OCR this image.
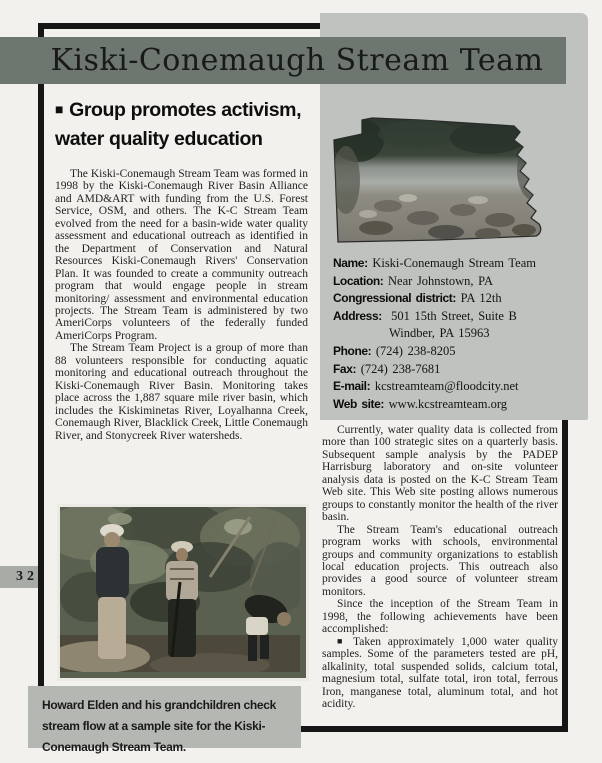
32
Kiski-Conemaugh Stream Team
Name: Kiski-Conemaugh Stream Team
Location: Near Johnstown, PA
Congressional district: PA 12th
Address: 501 15th Street, Suite B
Windber, PA 15963
Phone: (724) 238-8205
Fax: (724) 238-7681
E-mail: kcstreamteam@floodcity.net
Web site: www.kcstreamteam.org
■ Group promotes activism,
water quality education

The Kiski-Conemaugh Stream Team was formed in 1998 by the Kiski-Conemaugh River Basin Alliance and AMD&ART with funding from the U.S. Forest Service, OSM, and others. The K-C Stream Team evolved from the need for a basin-wide water quality assessment and educational outreach as identified in the Department of Conservation and Natural Resources Kiski-Conemaugh Rivers' Conservation Plan. It was founded to create a community outreach program that would engage people in stream monitoring/ assessment and environmental education projects. The Stream Team is administered by two AmeriCorps volunteers of the federally funded AmeriCorps Program.

The Stream Team Project is a group of more than 88 volunteers responsible for conducting aquatic monitoring and educational outreach throughout the Kiski-Conemaugh River Basin. Monitoring takes place across the 1,887 square mile river basin, which includes the Kiskiminetas River, Loyalhanna Creek, Conemaugh River, Blacklick Creek, Little Conemaugh River, and Stonycreek River watersheds.

Howard Elden and his grandchildren check stream flow at a sample site for the Kiski-Conemaugh Stream Team.

Currently, water quality data is collected from more than 100 strategic sites on a quarterly basis. Subsequent sample analysis by the PADEP Harrisburg laboratory and on-site volunteer analysis data is posted on the K-C Stream Team Web site. This Web site posting allows numerous groups to constantly monitor the health of the river basin.

The Stream Team's educational outreach program works with schools, environmental groups and community organizations to establish local education projects. This outreach also provides a good source of volunteer stream monitors.

Since the inception of the Stream Team in 1998, the following achievements have been accomplished:

■ Taken approximately 1,000 water quality samples. Some of the parameters tested are pH, alkalinity, total suspended solids, calcium total, magnesium total, sulfate total, iron total, ferrous Iron, manganese total, aluminum total, and hot acidity.
